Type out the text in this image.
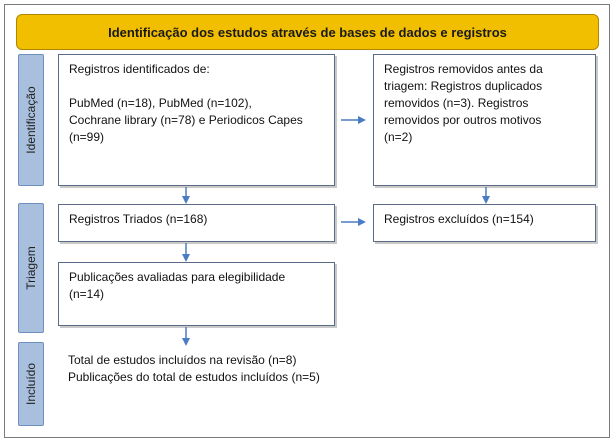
Identificação dos estudos através de bases de dados e registros
Identificação
Triagem
Incluído
Registros identificados de:

PubMed (n=18), PubMed (n=102),
Cochrane library (n=78) e Periodicos Capes
(n=99)
Registros removidos antes da
triagem: Registros duplicados
removidos (n=3). Registros
removidos por outros motivos
(n=2)
Registros Triados (n=168)	Registros excluídos (n=154)
Publicações avaliadas para elegibilidade
(n=14)
Total de estudos incluídos na revisão (n=8)
Publicações do total de estudos incluídos (n=5)
